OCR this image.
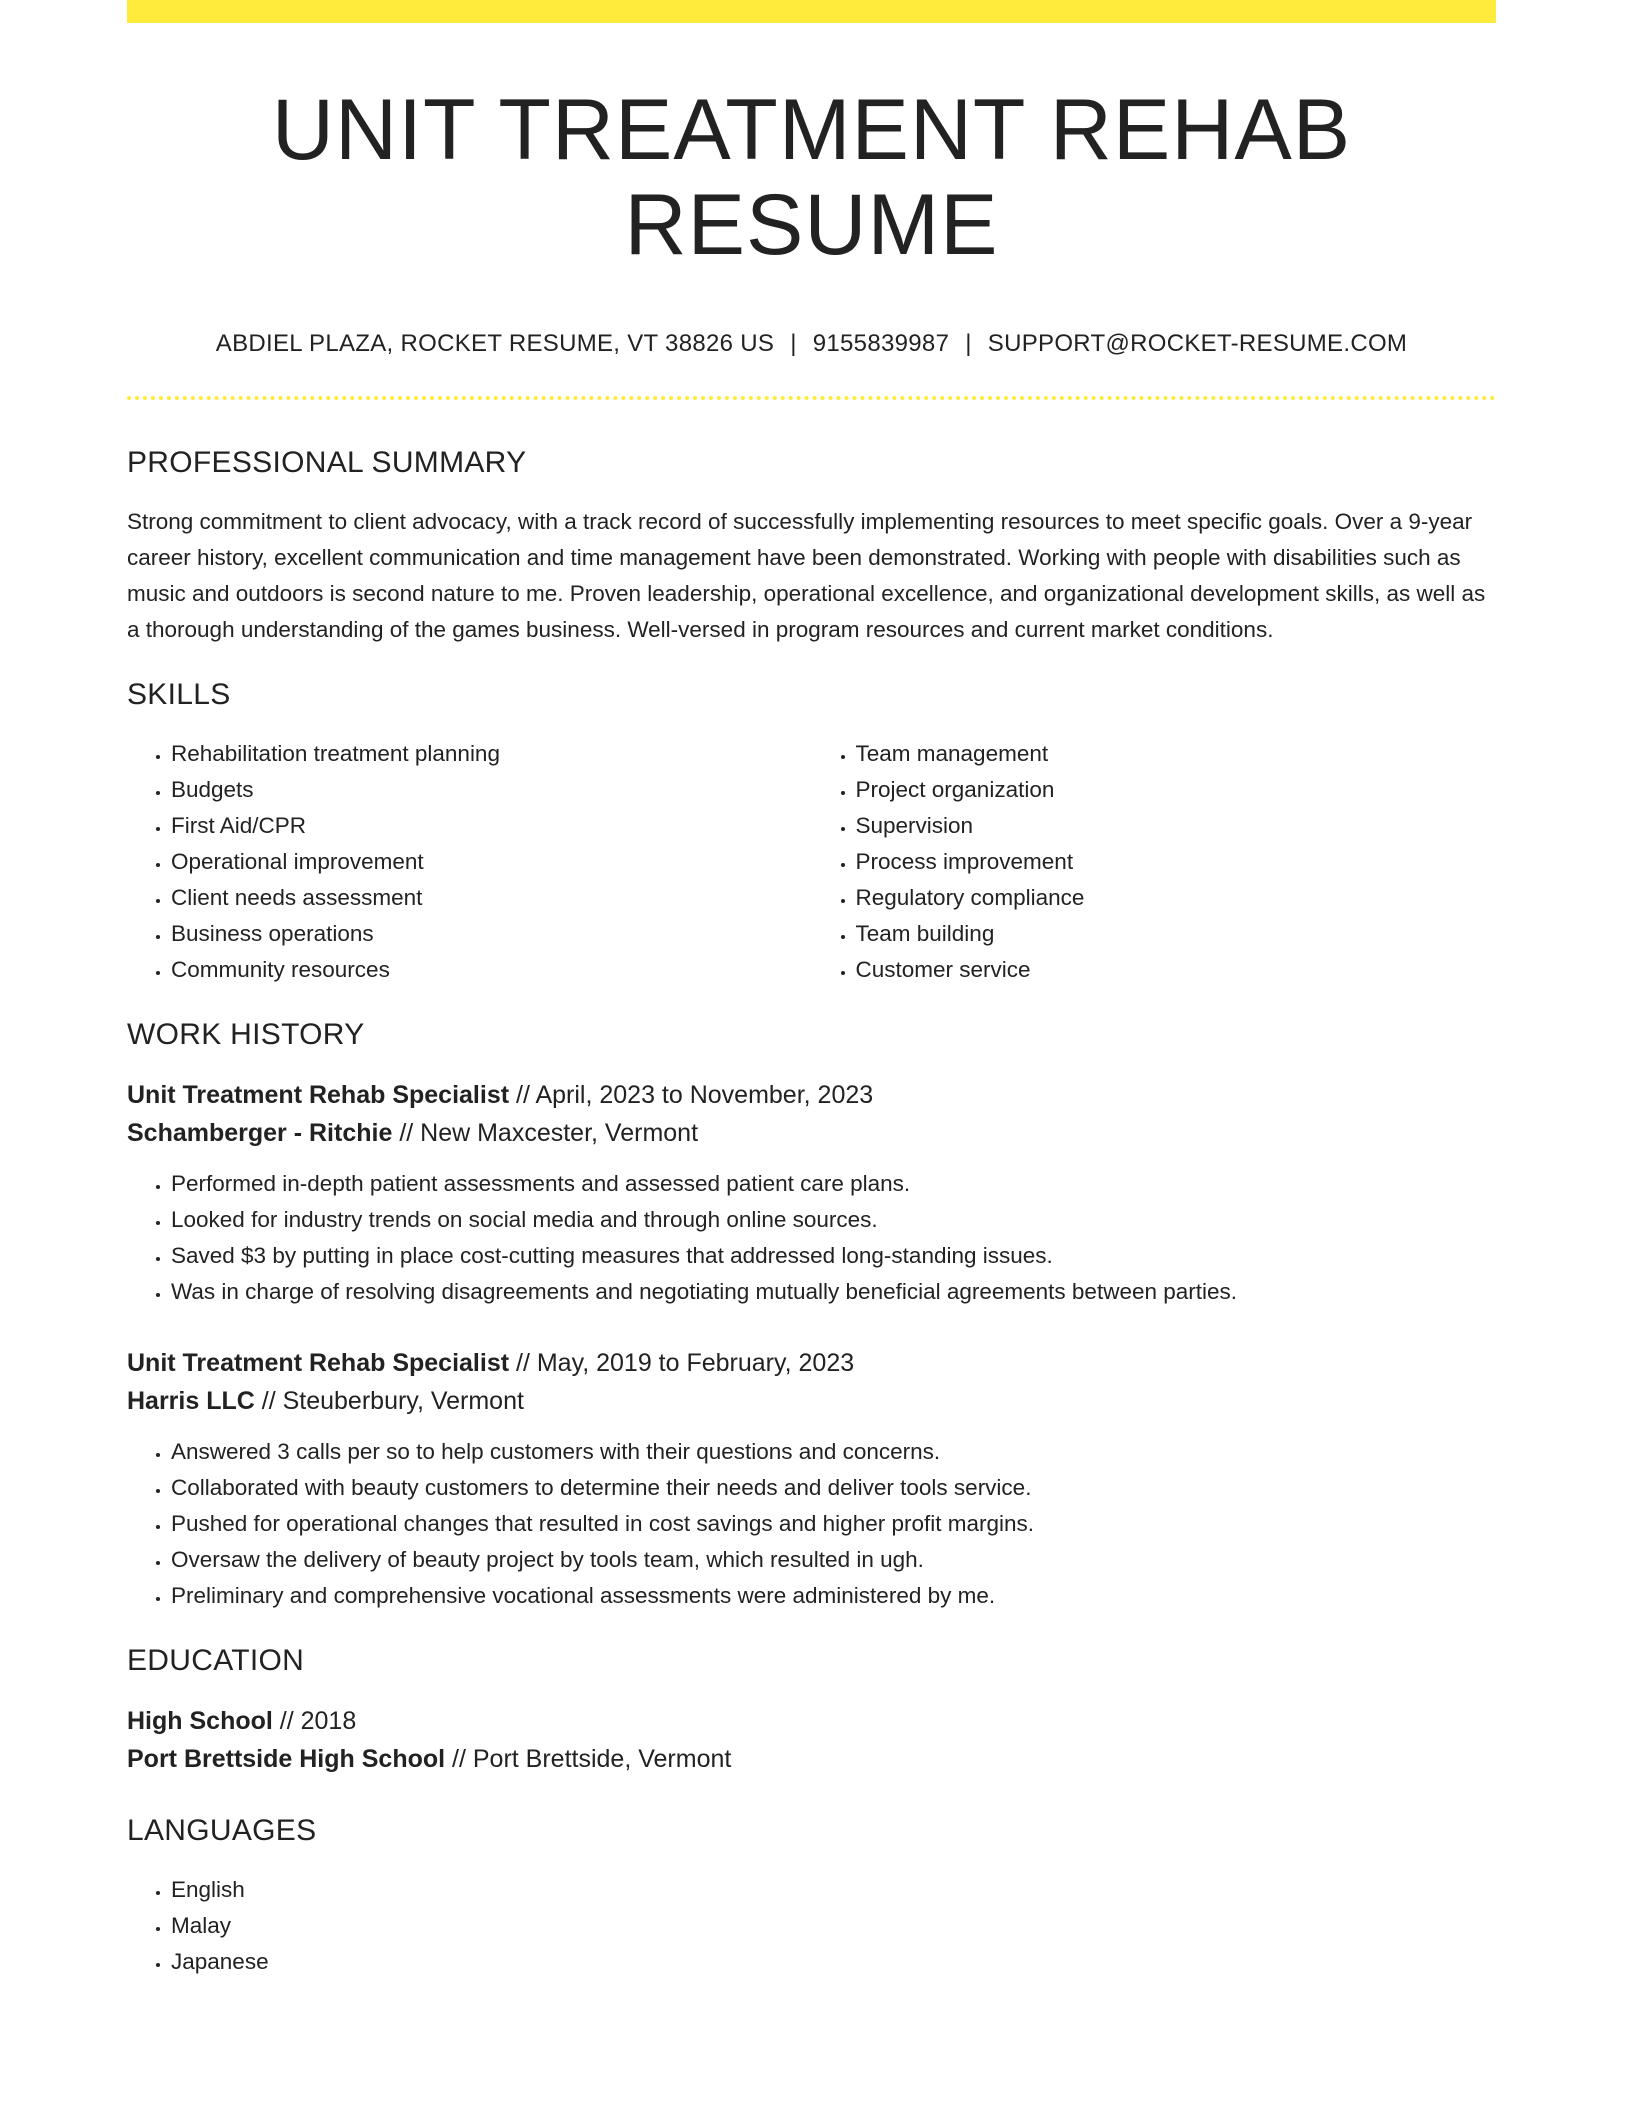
UNIT TREATMENT REHAB RESUME
ABDIEL PLAZA, ROCKET RESUME, VT 38826 US | 9155839987 | SUPPORT@ROCKET-RESUME.COM
PROFESSIONAL SUMMARY

Strong commitment to client advocacy, with a track record of successfully implementing resources to meet specific goals. Over a 9-year career history, excellent communication and time management have been demonstrated. Working with people with disabilities such as music and outdoors is second nature to me. Proven leadership, operational excellence, and organizational development skills, as well as a thorough understanding of the games business. Well-versed in program resources and current market conditions.

SKILLS
• Rehabilitation treatment planning
• Budgets
• First Aid/CPR
• Operational improvement
• Client needs assessment
• Business operations
• Community resources
• Team management
• Project organization
• Supervision
• Process improvement
• Regulatory compliance
• Team building
• Customer service
WORK HISTORY
Unit Treatment Rehab Specialist // April, 2023 to November, 2023
Schamberger - Ritchie // New Maxcester, Vermont
• Performed in-depth patient assessments and assessed patient care plans.
• Looked for industry trends on social media and through online sources.
• Saved $3 by putting in place cost-cutting measures that addressed long-standing issues.
• Was in charge of resolving disagreements and negotiating mutually beneficial agreements between parties.
Unit Treatment Rehab Specialist // May, 2019 to February, 2023
Harris LLC // Steuberbury, Vermont
• Answered 3 calls per so to help customers with their questions and concerns.
• Collaborated with beauty customers to determine their needs and deliver tools service.
• Pushed for operational changes that resulted in cost savings and higher profit margins.
• Oversaw the delivery of beauty project by tools team, which resulted in ugh.
• Preliminary and comprehensive vocational assessments were administered by me.
EDUCATION
High School // 2018
Port Brettside High School // Port Brettside, Vermont
LANGUAGES
• English
• Malay
• Japanese
